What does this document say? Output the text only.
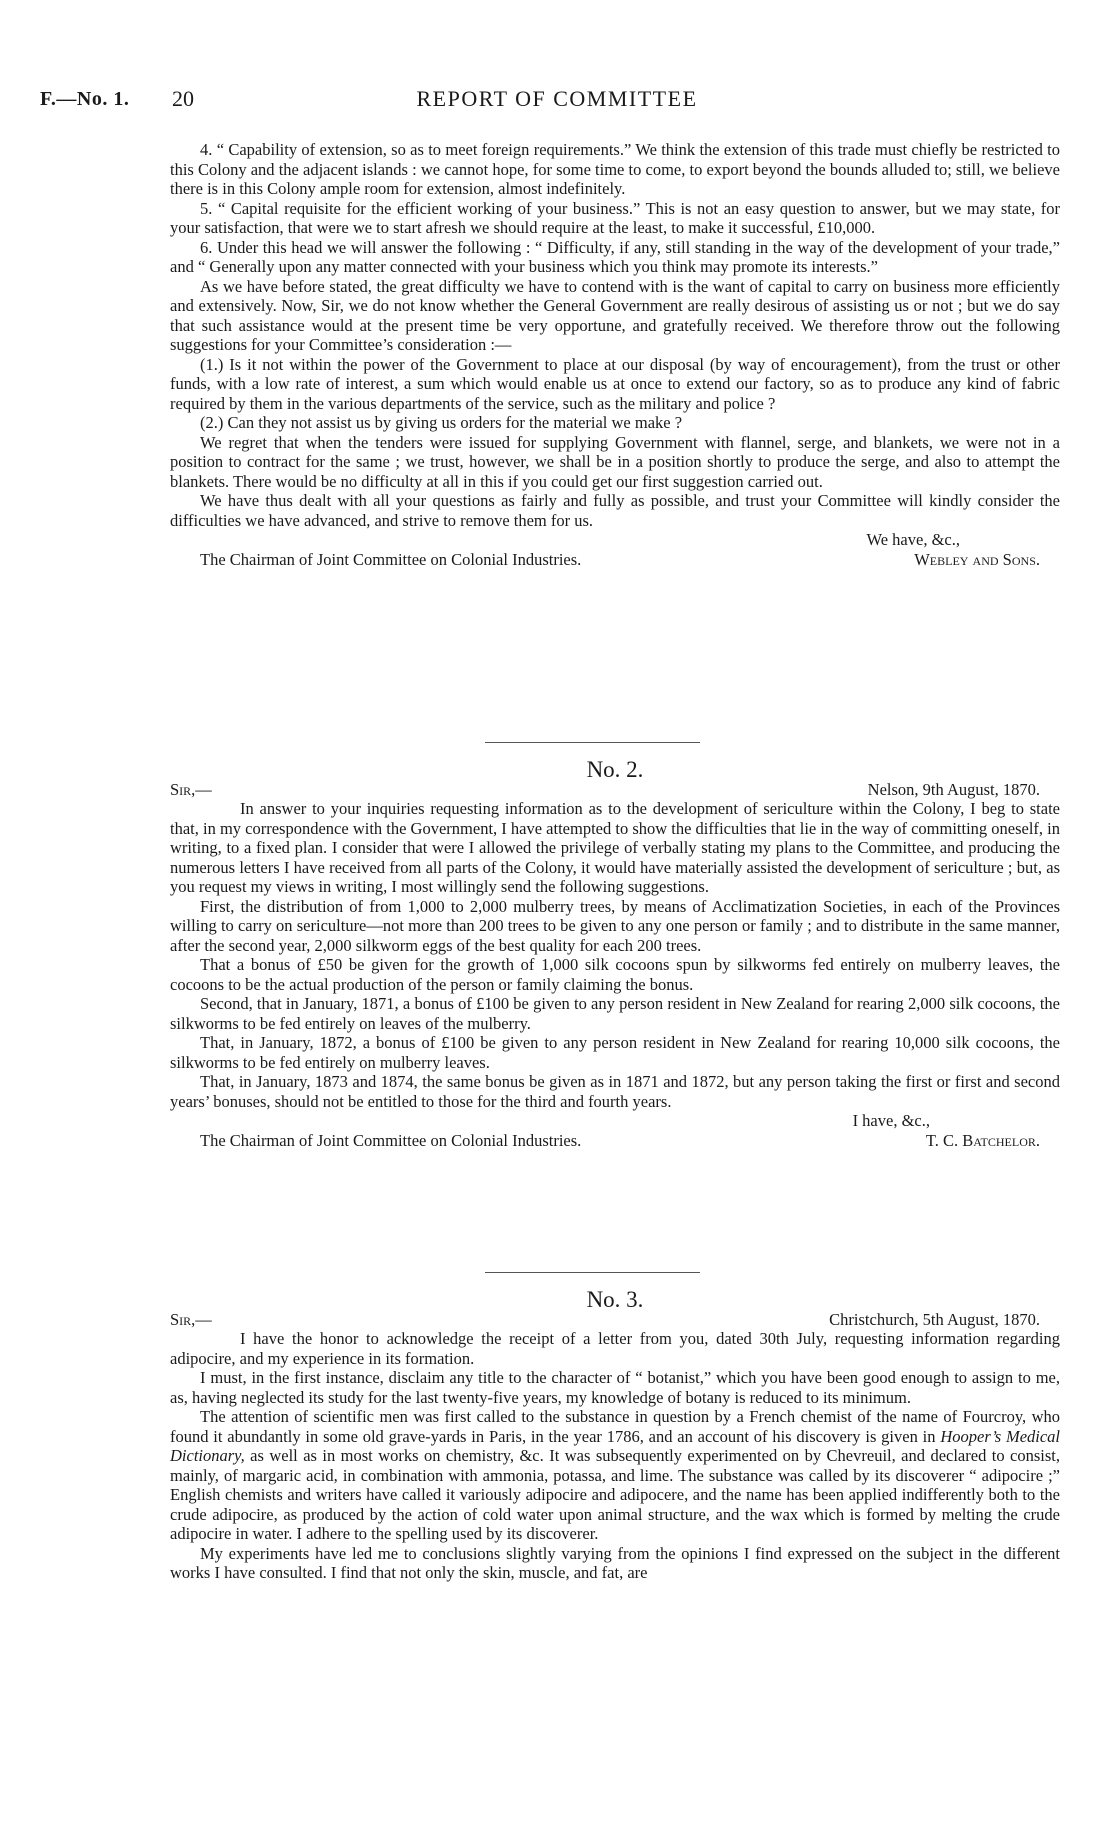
F.—No. 1. 20	REPORT OF COMMITTEE

4. “ Capability of extension, so as to meet foreign requirements.” We think the extension of this trade must chiefly be restricted to this Colony and the adjacent islands : we cannot hope, for some time to come, to export beyond the bounds alluded to; still, we believe there is in this Colony ample room for extension, almost indefinitely.

5. “ Capital requisite for the efficient working of your business.” This is not an easy question to answer, but we may state, for your satisfaction, that were we to start afresh we should require at the least, to make it successful, £10,000.

6. Under this head we will answer the following : “ Difficulty, if any, still standing in the way of the development of your trade,” and “ Generally upon any matter connected with your business which you think may promote its interests.”

As we have before stated, the great difficulty we have to contend with is the want of capital to carry on business more efficiently and extensively. Now, Sir, we do not know whether the General Government are really desirous of assisting us or not ; but we do say that such assistance would at the present time be very opportune, and gratefully received. We therefore throw out the following suggestions for your Committee’s consideration :—

(1.) Is it not within the power of the Government to place at our disposal (by way of encouragement), from the trust or other funds, with a low rate of interest, a sum which would enable us at once to extend our factory, so as to produce any kind of fabric required by them in the various departments of the service, such as the military and police ?

(2.) Can they not assist us by giving us orders for the material we make ?

We regret that when the tenders were issued for supplying Government with flannel, serge, and blankets, we were not in a position to contract for the same ; we trust, however, we shall be in a position shortly to produce the serge, and also to attempt the blankets. There would be no difficulty at all in this if you could get our first suggestion carried out.

We have thus dealt with all your questions as fairly and fully as possible, and trust your Committee will kindly consider the difficulties we have advanced, and strive to remove them for us.

We have, &c.,

The Chairman of Joint Committee on Colonial Industries.	Webley and Sons.

No. 2.

Sir,—	Nelson, 9th August, 1870.

In answer to your inquiries requesting information as to the development of sericulture within the Colony, I beg to state that, in my correspondence with the Government, I have attempted to show the difficulties that lie in the way of committing oneself, in writing, to a fixed plan. I consider that were I allowed the privilege of verbally stating my plans to the Committee, and producing the numerous letters I have received from all parts of the Colony, it would have materially assisted the development of sericulture ; but, as you request my views in writing, I most willingly send the following suggestions.

First, the distribution of from 1,000 to 2,000 mulberry trees, by means of Acclimatization Societies, in each of the Provinces willing to carry on sericulture—not more than 200 trees to be given to any one person or family ; and to distribute in the same manner, after the second year, 2,000 silkworm eggs of the best quality for each 200 trees.

That a bonus of £50 be given for the growth of 1,000 silk cocoons spun by silkworms fed entirely on mulberry leaves, the cocoons to be the actual production of the person or family claiming the bonus.

Second, that in January, 1871, a bonus of £100 be given to any person resident in New Zealand for rearing 2,000 silk cocoons, the silkworms to be fed entirely on leaves of the mulberry.

That, in January, 1872, a bonus of £100 be given to any person resident in New Zealand for rearing 10,000 silk cocoons, the silkworms to be fed entirely on mulberry leaves.

That, in January, 1873 and 1874, the same bonus be given as in 1871 and 1872, but any person taking the first or first and second years’ bonuses, should not be entitled to those for the third and fourth years.

I have, &c.,

The Chairman of Joint Committee on Colonial Industries.	T. C. Batchelor.

No. 3.

Sir,—	Christchurch, 5th August, 1870.

I have the honor to acknowledge the receipt of a letter from you, dated 30th July, requesting information regarding adipocire, and my experience in its formation.

I must, in the first instance, disclaim any title to the character of “ botanist,” which you have been good enough to assign to me, as, having neglected its study for the last twenty-five years, my knowledge of botany is reduced to its minimum.

The attention of scientific men was first called to the substance in question by a French chemist of the name of Fourcroy, who found it abundantly in some old grave-yards in Paris, in the year 1786, and an account of his discovery is given in Hooper’s Medical Dictionary, as well as in most works on chemistry, &c. It was subsequently experimented on by Chevreuil, and declared to consist, mainly, of margaric acid, in combination with ammonia, potassa, and lime. The substance was called by its discoverer “ adipocire ;” English chemists and writers have called it variously adipocire and adipocere, and the name has been applied indifferently both to the crude adipocire, as produced by the action of cold water upon animal structure, and the wax which is formed by melting the crude adipocire in water. I adhere to the spelling used by its discoverer.

My experiments have led me to conclusions slightly varying from the opinions I find expressed on the subject in the different works I have consulted. I find that not only the skin, muscle, and fat, are
